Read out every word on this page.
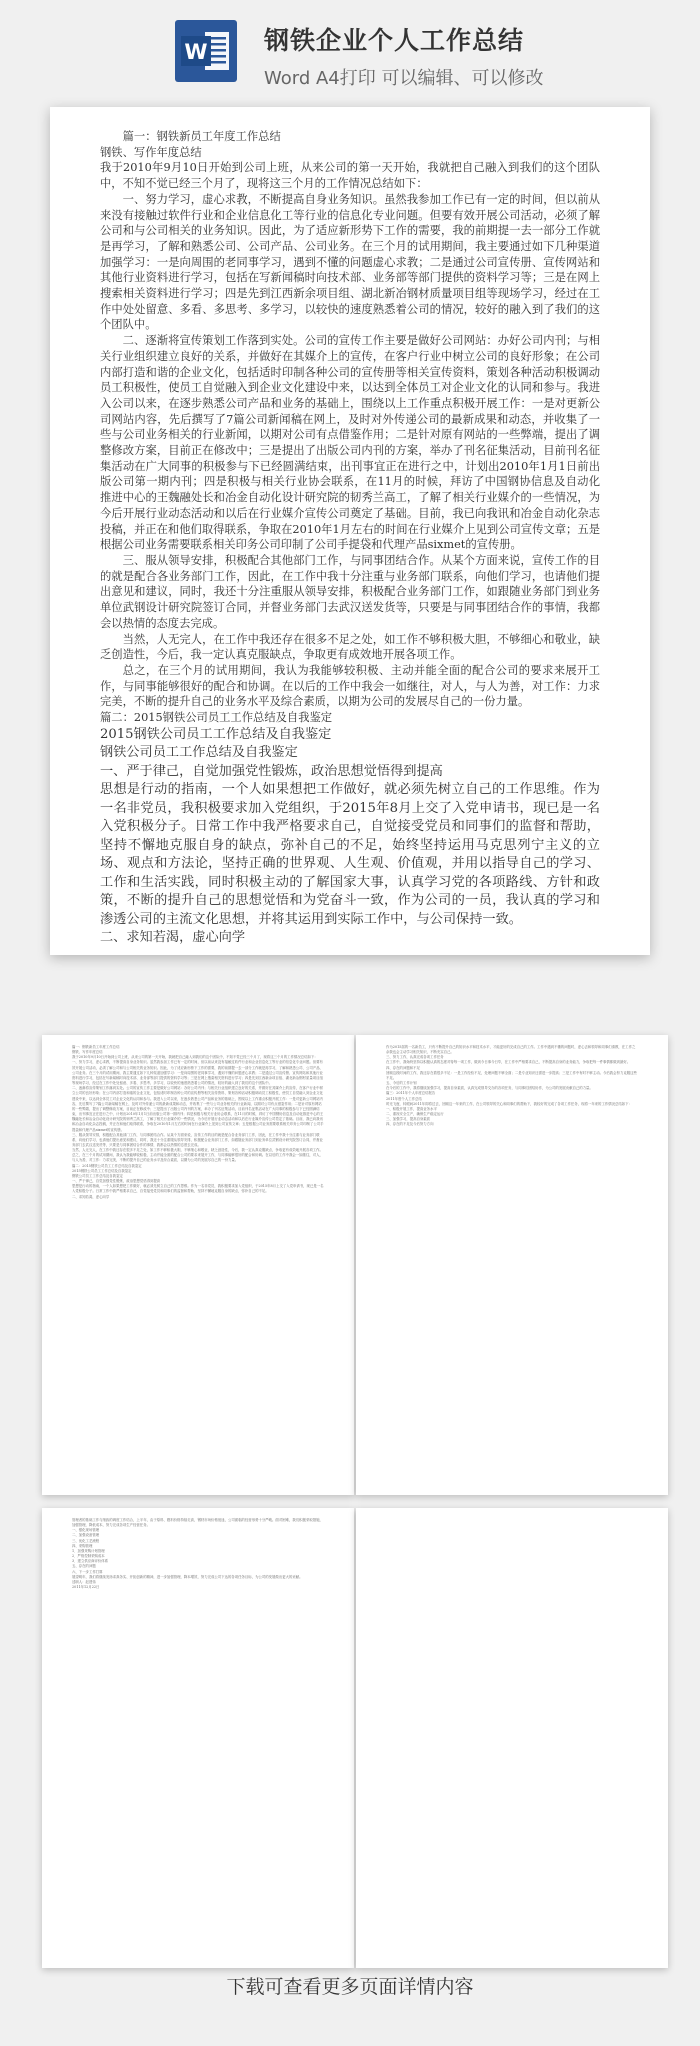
W 钢铁企业个人工作总结
Word A4打印 可以编辑、可以修改

篇一：钢铁新员工年度工作总结

钢铁、写作年度总结

我于2010年9月10日开始到公司上班，从来公司的第一天开始，我就把自己融入到我们的这个团队中，不知不觉已经三个月了，现将这三个月的工作情况总结如下：

一、努力学习，虚心求教，不断提高自身业务知识。虽然我参加工作已有一定的时间，但以前从来没有接触过软件行业和企业信息化工等行业的信息化专业问题。但要有效开展公司活动，必须了解公司和与公司相关的业务知识。因此，为了适应新形势下工作的需要，我的前期提一去一部分工作就是再学习，了解和熟悉公司、公司产品、公司业务。在三个月的试用期间，我主要通过如下几种渠道加强学习：一是向周围的老同事学习，遇到不懂的问题虚心求教；二是通过公司宣传册、宣传网站和其他行业资料进行学习，包括在写新闻稿时向技术部、业务部等部门提供的资料学习等；三是在网上搜索相关资料进行学习；四是先到江西新余项目组、湖北新冶钢材质量项目组等现场学习，经过在工作中处处留意、多看、多思考、多学习，以较快的速度熟悉着公司的情况，较好的融入到了我们的这个团队中。

二、逐渐将宣传策划工作落到实处。公司的宣传工作主要是做好公司网站：办好公司内刊；与相关行业组织建立良好的关系，并做好在其媒介上的宣传，在客户行业中树立公司的良好形象；在公司内部打造和谐的企业文化，包括适时印制各种公司的宣传册等相关宣传资料，策划各种活动积极调动员工积极性，使员工自觉融入到企业文化建设中来，以达到全体员工对企业文化的认同和参与。我进入公司以来，在逐步熟悉公司产品和业务的基础上，围绕以上工作重点积极开展工作：一是对更新公司网站内容，先后撰写了7篇公司新闻稿在网上，及时对外传递公司的最新成果和动态，并收集了一些与公司业务相关的行业新闻，以期对公司有点借鉴作用；二是针对原有网站的一些弊端，提出了调整修改方案，目前正在修改中；三是提出了出版公司内刊的方案，举办了刊名征集活动，目前刊名征集活动在广大同事的积极参与下已经圆满结束，出刊事宜正在进行之中，计划出2010年1月1日前出版公司第一期内刊；四是积极与相关行业协会联系，在11月的时候，拜访了中国钢协信息及自动化推进中心的王魏融处长和冶金自动化设计研究院的韧秀兰高工，了解了相关行业媒介的一些情况，为今后开展行业动态活动和以后在行业媒介宣传公司奠定了基础。目前，我已向我讯和冶金自动化杂志投稿，并正在和他们取得联系，争取在2010年1月左右的时间在行业媒介上见到公司宣传文章；五是根据公司业务需要联系相关印务公司印制了公司手提袋和代理产品sixmet的宣传册。

三、服从领导安排，积极配合其他部门工作，与同事团结合作。从某个方面来说，宣传工作的目的就是配合各业务部门工作，因此，在工作中我十分注重与业务部门联系，向他们学习，也请他们提出意见和建议，同时，我还十分注重服从领导安排，积极配合业务部门工作，如跟随业务部门到业务单位武钢设计研究院签订合同，并督业务部门去武汉送发货等，只要是与同事团结合作的事情，我都会以热情的态度去完成。

当然，人无完人，在工作中我还存在很多不足之处，如工作不够积极大胆，不够细心和敬业，缺乏创造性，今后，我一定认真克服缺点，争取更有成效地开展各项工作。

总之，在三个月的试用期间，我认为我能够较积极、主动并能全面的配合公司的要求来展开工作，与同事能够很好的配合和协调。在以后的工作中我会一如继往，对人，与人为善，对工作：力求完美，不断的提升自己的业务水平及综合素质，以期为公司的发展尽自己的一份力量。

篇二：2015钢铁公司员工工作总结及自我鉴定

2015钢铁公司员工工作总结及自我鉴定

钢铁公司员工工作总结及自我鉴定

一、严于律己，自觉加强党性锻炼，政治思想觉悟得到提高

思想是行动的指南，一个人如果想把工作做好，就必须先树立自己的工作思维。作为一名非党员，我积极要求加入党组织，于2015年8月上交了入党申请书，现已是一名入党积极分子。日常工作中我严格要求自己，自觉接受党员和同事们的监督和帮助，坚持不懈地克服自身的缺点，弥补自己的不足，始终坚持运用马克思列宁主义的立场、观点和方法论，坚持正确的世界观、人生观、价值观，并用以指导自己的学习、工作和生活实践，同时积极主动的了解国家大事，认真学习党的各项路线、方针和政策，不断的提升自己的思想觉悟和为党奋斗一致，作为公司的一员，我认真的学习和渗透公司的主流文化思想，并将其运用到实际工作中，与公司保持一致。

二、求知若渴，虚心向学

篇一：钢铁新员工年度工作总结

钢铁、写作年度总结

我于2010年9月10日开始到公司上班，从来公司的第一天开始，我就把自己融入到我们的这个团队中，不知不觉已经三个月了，现将这三个月的工作情况总结如下：

一、努力学习，虚心求教，不断提高自身业务知识。虽然我参加工作已有一定的时间，但以前从来没有接触过软件行业和企业信息化工等行业的信息化专业问题。但要有效开展公司活动，必须了解公司和与公司相关的业务知识。因此，为了适应新形势下工作的需要，我的前期提一去一部分工作就是再学习，了解和熟悉公司、公司产品、公司业务。在三个月的试用期间，我主要通过如下几种渠道加强学习：一是向周围的老同事学习，遇到不懂的问题虚心求教；二是通过公司宣传册、宣传网站和其他行业资料进行学习，包括在写新闻稿时向技术部、业务部等部门提供的资料学习等；三是在网上搜索相关资料进行学习；四是先到江西新余项目组、湖北新冶钢材质量项目组等现场学习，经过在工作中处处留意、多看、多思考、多学习，以较快的速度熟悉着公司的情况，较好的融入到了我们的这个团队中。

二、逐渐将宣传策划工作落到实处。公司的宣传工作主要是做好公司网站：办好公司内刊；与相关行业组织建立良好的关系，并做好在其媒介上的宣传，在客户行业中树立公司的良好形象；在公司内部打造和谐的企业文化，包括适时印制各种公司的宣传册等相关宣传资料，策划各种活动积极调动员工积极性，使员工自觉融入到企业文化建设中来，以达到全体员工对企业文化的认同和参与。我进入公司以来，在逐步熟悉公司产品和业务的基础上，围绕以上工作重点积极开展工作：一是对更新公司网站内容，先后撰写了7篇公司新闻稿在网上，及时对外传递公司的最新成果和动态，并收集了一些与公司业务相关的行业新闻，以期对公司有点借鉴作用；二是针对原有网站的一些弊端，提出了调整修改方案，目前正在修改中；三是提出了出版公司内刊的方案，举办了刊名征集活动，目前刊名征集活动在广大同事的积极参与下已经圆满结束，出刊事宜正在进行之中，计划出2010年1月1日前出版公司第一期内刊；四是积极与相关行业协会联系，在11月的时候，拜访了中国钢协信息及自动化推进中心的王魏融处长和冶金自动化设计研究院的韧秀兰高工，了解了相关行业媒介的一些情况，为今后开展行业动态活动和以后在行业媒介宣传公司奠定了基础。目前，我已向我讯和冶金自动化杂志投稿，并正在和他们取得联系，争取在2010年1月左右的时间在行业媒介上见到公司宣传文章；五是根据公司业务需要联系相关印务公司印制了公司手提袋和代理产品sixmet的宣传册。

三、服从领导安排，积极配合其他部门工作，与同事团结合作。从某个方面来说，宣传工作的目的就是配合各业务部门工作，因此，在工作中我十分注重与业务部门联系，向他们学习，也请他们提出意见和建议，同时，我还十分注重服从领导安排，积极配合业务部门工作，如跟随业务部门到业务单位武钢设计研究院签订合同，并督业务部门去武汉送发货等，只要是与同事团结合作的事情，我都会以热情的态度去完成。

当然，人无完人，在工作中我还存在很多不足之处，如工作不够积极大胆，不够细心和敬业，缺乏创造性，今后，我一定认真克服缺点，争取更有成效地开展各项工作。

总之，在三个月的试用期间，我认为我能够较积极、主动并能全面的配合公司的要求来展开工作，与同事能够很好的配合和协调。在以后的工作中我会一如继往，对人，与人为善，对工作：力求完美，不断的提升自己的业务水平及综合素质，以期为公司的发展尽自己的一份力量。

篇二：2015钢铁公司员工工作总结及自我鉴定

2015钢铁公司员工工作总结及自我鉴定

钢铁公司员工工作总结及自我鉴定

一、严于律己，自觉加强党性锻炼，政治思想觉悟得到提高

思想是行动的指南，一个人如果想把工作做好，就必须先树立自己的工作思维。作为一名非党员，我积极要求加入党组织，于2015年8月上交了入党申请书，现已是一名入党积极分子。日常工作中我严格要求自己，自觉接受党员和同事们的监督和帮助，坚持不懈地克服自身的缺点，弥补自己的不足。

二、求知若渴，虚心向学

作为2015届的一名新员工，只有不断提升自己的知识水平和技术水平，才能更好的完成自己的工作。工作中遇到不懂的问题时，虚心去和领导和同事们请教，在工作之余我也会主动学习相关知识，不断充实自己。

三、努力工作，认真完成各项工作任务

在工作中，我始终坚持以积极认真的态度对待每一项工作，做到今日事今日毕，在工作中严格要求自己，不断提高自身的业务能力，争取把每一件事情都做到最好。

四、存在的问题和不足

回顾这段时间的工作，我还存在着很多不足：一是工作经验不足，处理问题不够全面；二是专业知识还需进一步提高；三是工作中有时不够主动。今后我会努力克服这些不足。

五、今后的工作计划

在今后的工作中，我将继续加强学习，提高自身素质，认真完成领导交办的各项任务，与同事们团结协作，为公司的发展贡献自己的力量。

篇三：2011年个人年度总结报告

2011年度个人工作总结

时光飞逝，转眼间2011年即将过去，回顾这一年来的工作，在公司领导的关心和同事们的帮助下，我较好的完成了各项工作任务，现将一年来的工作情况总结如下：

一、积极开展工作，提高业务水平

二、重视安全生产，确保生产稳定运行

三、加强学习，提高自身素质

四、存在的不足及今后努力方向

管理者的基础工作与细致的调度工作结合，上半年，由于原料、燃料价格持续走高，钢材市场价格低迷，公司面临的经营形势十分严峻。面对困难，我们积极采取措施，加强管理，降低成本，努力完成各项生产经营任务。

一、强化现场管理

二、加强设备管理

三、优化工艺流程

四、采购管理

1．加强采购计划管理

2．严格控制采购成本

3．建立供应商评价体系

五、存在的问题

六、下一步工作打算

展望明年，我们将继续发扬求真务实、开拓创新的精神，进一步加强管理，降本增效，努力完成公司下达的各项任务目标，为公司的发展做出更大的贡献。

述职人：赵建伟

2011年12月22日

下载可查看更多页面详情内容
